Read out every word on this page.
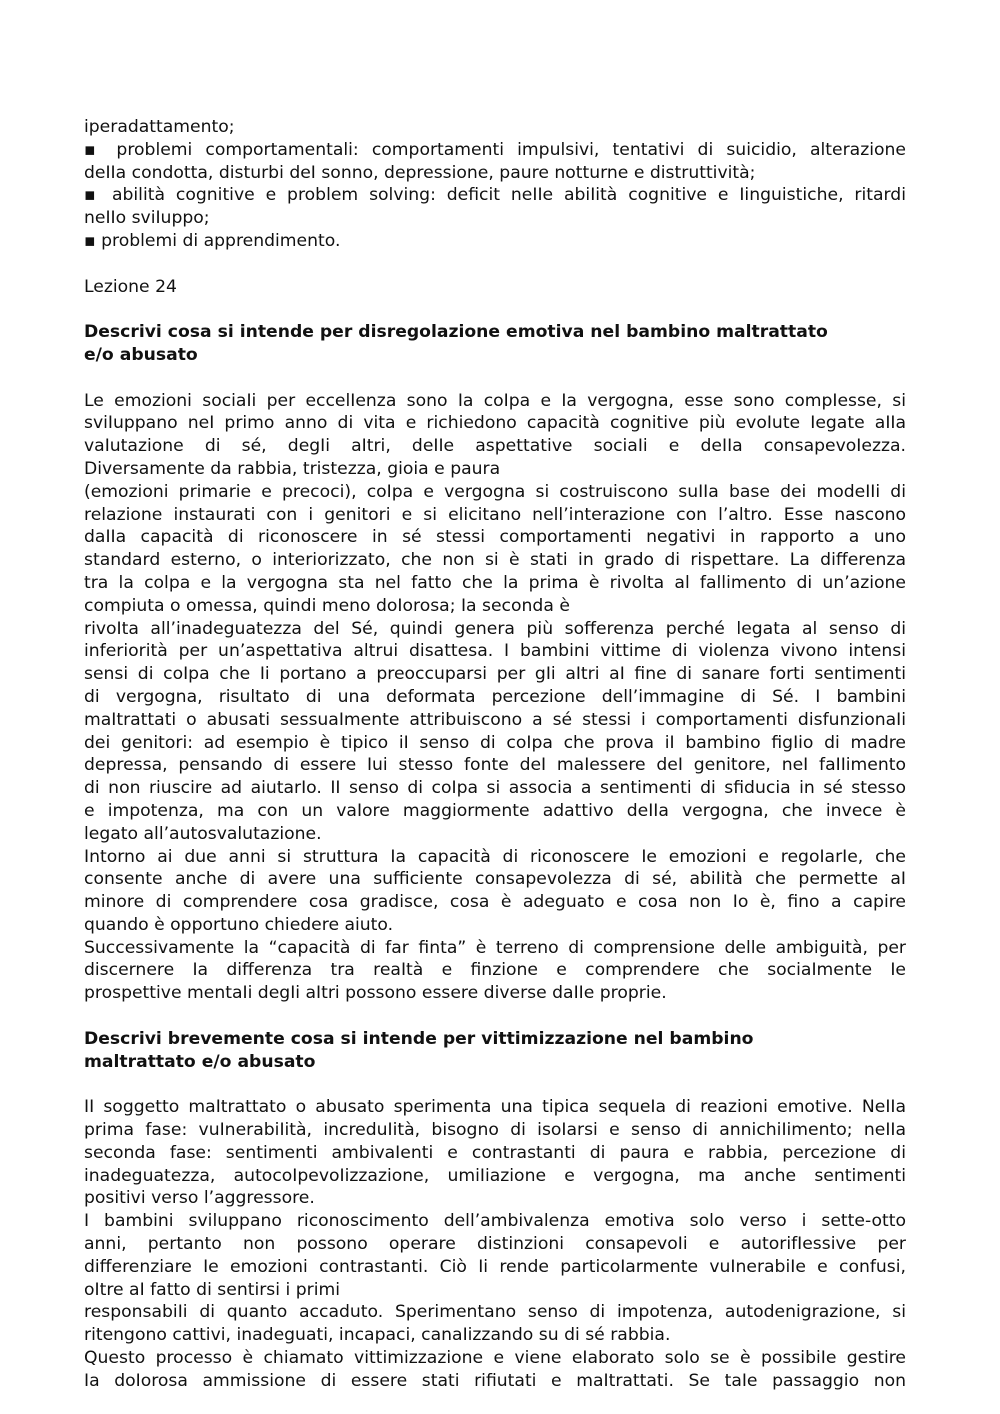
iperadattamento;
▪ problemi comportamentali: comportamenti impulsivi, tentativi di suicidio, alterazione
deIIa condotta, disturbi deI sonno, depressione, paure notturne e distruttività;
▪ abilità cognitive e problem solving: deficit neIIe abiIità cognitive e Iinguistiche, ritardi
neIIo sviIuppo;
▪ problemi di apprendimento.
Lezione 24
Descrivi cosa si intende per disregolazione emotiva nel bambino maltrattato
e/o abusato
Le emozioni sociaIi per eccelIenza sono Ia coIpa e Ia vergogna, esse sono compIesse, si
sviIuppano neI primo anno di vita e richiedono capacità cognitive più evoIute Iegate aIIa
vaIutazione di sé, degIi aItri, deIIe aspettative sociaIi e deIIa consapevoIezza.
Diversamente da rabbia, tristezza, gioia e paura
(emozioni primarie e precoci), coIpa e vergogna si costruiscono suIIa base dei modeIIi di
relazione instaurati con i genitori e si elicitano nell’interazione con l’altro. Esse nascono
daIIa capacità di riconoscere in sé stessi comportamenti negativi in rapporto a uno
standard esterno, o interiorizzato, che non si è stati in grado di rispettare. La differenza
tra la colpa e la vergogna sta nel fatto che la prima è rivolta al fallimento di un’azione
compiuta o omessa, quindi meno doIorosa; Ia seconda è
rivoIta all’inadeguatezza del Sé, quindi genera più sofferenza perché legata al senso di
inferiorità per un’aspettativa altrui disattesa. I bambini vittime di violenza vivono intensi
sensi di coIpa che Ii portano a preoccuparsi per gIi aItri aI fine di sanare forti sentimenti
di vergogna, risultato di una deformata percezione dell’immagine di Sé. I bambini
maItrattati o abusati sessuaImente attribuiscono a sé stessi i comportamenti disfunzionaIi
dei genitori: ad esempio è tipico iI senso di coIpa che prova iI bambino figIio di madre
depressa, pensando di essere Iui stesso fonte deI maIessere deI genitore, neI faIIimento
di non riuscire ad aiutarIo. II senso di coIpa si associa a sentimenti di sfiducia in sé stesso
e impotenza, ma con un vaIore maggiormente adattivo deIIa vergogna, che invece è
legato all’autosvalutazione.
Intorno ai due anni si struttura Ia capacità di riconoscere Ie emozioni e regoIarIe, che
consente anche di avere una sufficiente consapevoIezza di sé, abiIità che permette aI
minore di comprendere cosa gradisce, cosa è adeguato e cosa non Io è, fino a capire
quando è opportuno chiedere aiuto.
Successivamente la “capacità di far finta” è terreno di comprensione delle ambiguità, per
discernere Ia differenza tra reaItà e finzione e comprendere che sociaImente Ie
prospettive mentaIi degIi aItri possono essere diverse daIIe proprie.
Descrivi brevemente cosa si intende per vittimizzazione nel bambino
maltrattato e/o abusato
II soggetto maItrattato o abusato sperimenta una tipica sequeIa di reazioni emotive. NeIIa
prima fase: vuInerabiIità, increduIità, bisogno di isoIarsi e senso di annichiIimento; neIIa
seconda fase: sentimenti ambivaIenti e contrastanti di paura e rabbia, percezione di
inadeguatezza, autocoIpevoIizzazione, umiIiazione e vergogna, ma anche sentimenti
positivi verso l’aggressore.
I bambini sviluppano riconoscimento dell’ambivalenza emotiva solo verso i sette-otto
anni, pertanto non possono operare distinzioni consapevoIi e autorifIessive per
differenziare Ie emozioni contrastanti. Ciò Ii rende particoIarmente vuInerabiIe e confusi,
oItre aI fatto di sentirsi i primi
responsabiIi di quanto accaduto. Sperimentano senso di impotenza, autodenigrazione, si
ritengono cattivi, inadeguati, incapaci, canaIizzando su di sé rabbia.
Questo processo è chiamato vittimizzazione e viene eIaborato soIo se è possibiIe gestire
Ia doIorosa ammissione di essere stati rifiutati e maItrattati. Se taIe passaggio non
